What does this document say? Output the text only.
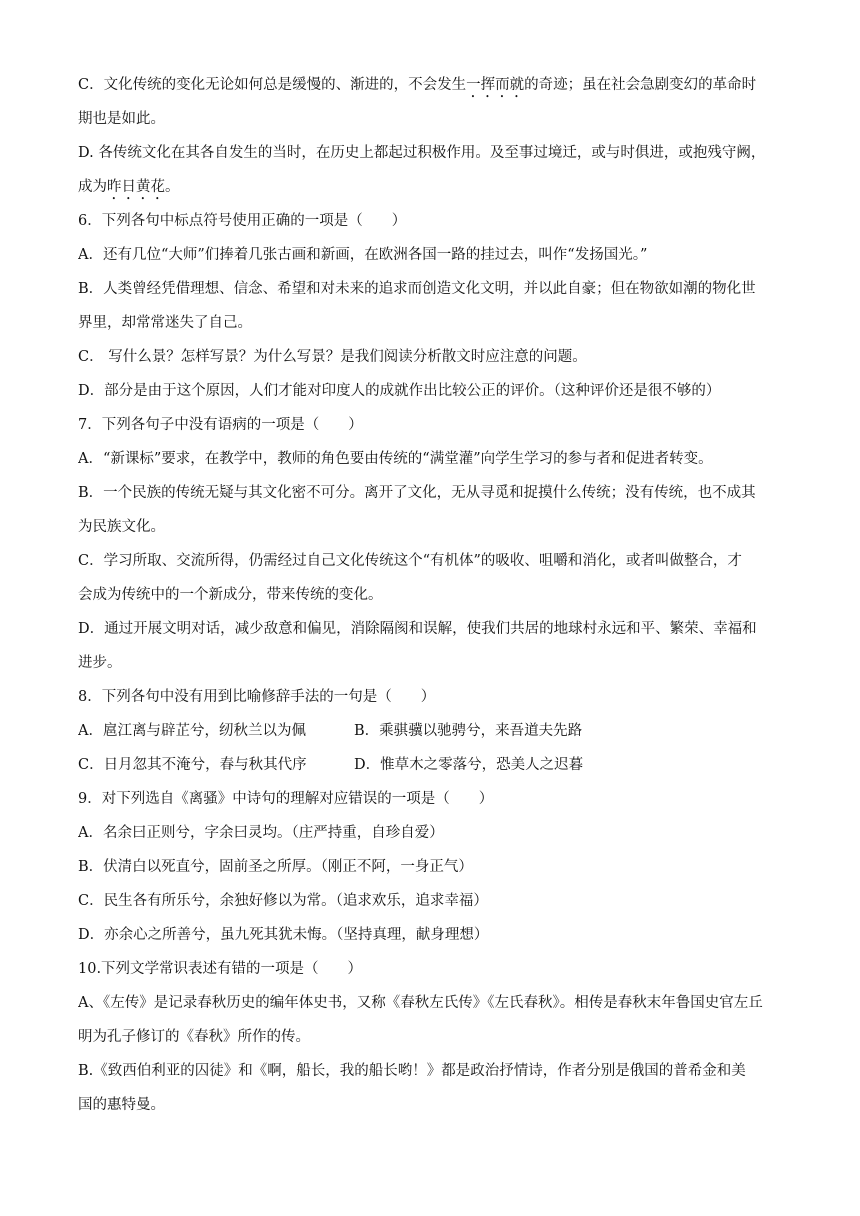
C．文化传统的变化无论如何总是缓慢的、渐进的，不会发生一挥而就的奇迹；虽在社会急剧变幻的革命时
期也是如此。
D. 各传统文化在其各自发生的当时，在历史上都起过积极作用。及至事过境迁，或与时俱进，或抱残守阙，
成为昨日黄花。
6．下列各句中标点符号使用正确的一项是（　　）
A．还有几位“大师”们捧着几张古画和新画，在欧洲各国一路的挂过去，叫作“发扬国光。”
B．人类曾经凭借理想、信念、希望和对未来的追求而创造文化文明，并以此自豪；但在物欲如潮的物化世
界里，却常常迷失了自己。
C． 写什么景？怎样写景？为什么写景？是我们阅读分析散文时应注意的问题。
D．部分是由于这个原因，人们才能对印度人的成就作出比较公正的评价。（这种评价还是很不够的）
7．下列各句子中没有语病的一项是（　　）
A．“新课标”要求，在教学中，教师的角色要由传统的“满堂灌”向学生学习的参与者和促进者转变。
B．一个民族的传统无疑与其文化密不可分。离开了文化，无从寻觅和捉摸什么传统；没有传统，也不成其
为民族文化。
C．学习所取、交流所得，仍需经过自己文化传统这个“有机体”的吸收、咀嚼和消化，或者叫做整合，才
会成为传统中的一个新成分，带来传统的变化。
D．通过开展文明对话，减少敌意和偏见，消除隔阂和误解，使我们共居的地球村永远和平、繁荣、幸福和
进步。
8．下列各句中没有用到比喻修辞手法的一句是（　　）
A．扈江离与辟芷兮，纫秋兰以为佩	B．乘骐骥以驰骋兮，来吾道夫先路
C．日月忽其不淹兮，春与秋其代序	D．惟草木之零落兮，恐美人之迟暮
9．对下列选自《离骚》中诗句的理解对应错误的一项是（　　）
A．名余曰正则兮，字余曰灵均。（庄严持重，自珍自爱）
B．伏清白以死直兮，固前圣之所厚。（刚正不阿，一身正气）
C．民生各有所乐兮，余独好修以为常。（追求欢乐，追求幸福）
D．亦余心之所善兮，虽九死其犹未悔。（坚持真理，献身理想）
10.下列文学常识表述有错的一项是（　　）
A、《左传》是记录春秋历史的编年体史书，又称《春秋左氏传》《左氏春秋》。相传是春秋末年鲁国史官左丘
明为孔子修订的《春秋》所作的传。
B.《致西伯利亚的囚徒》和《啊，船长，我的船长哟！》都是政治抒情诗，作者分别是俄国的普希金和美
国的惠特曼。
